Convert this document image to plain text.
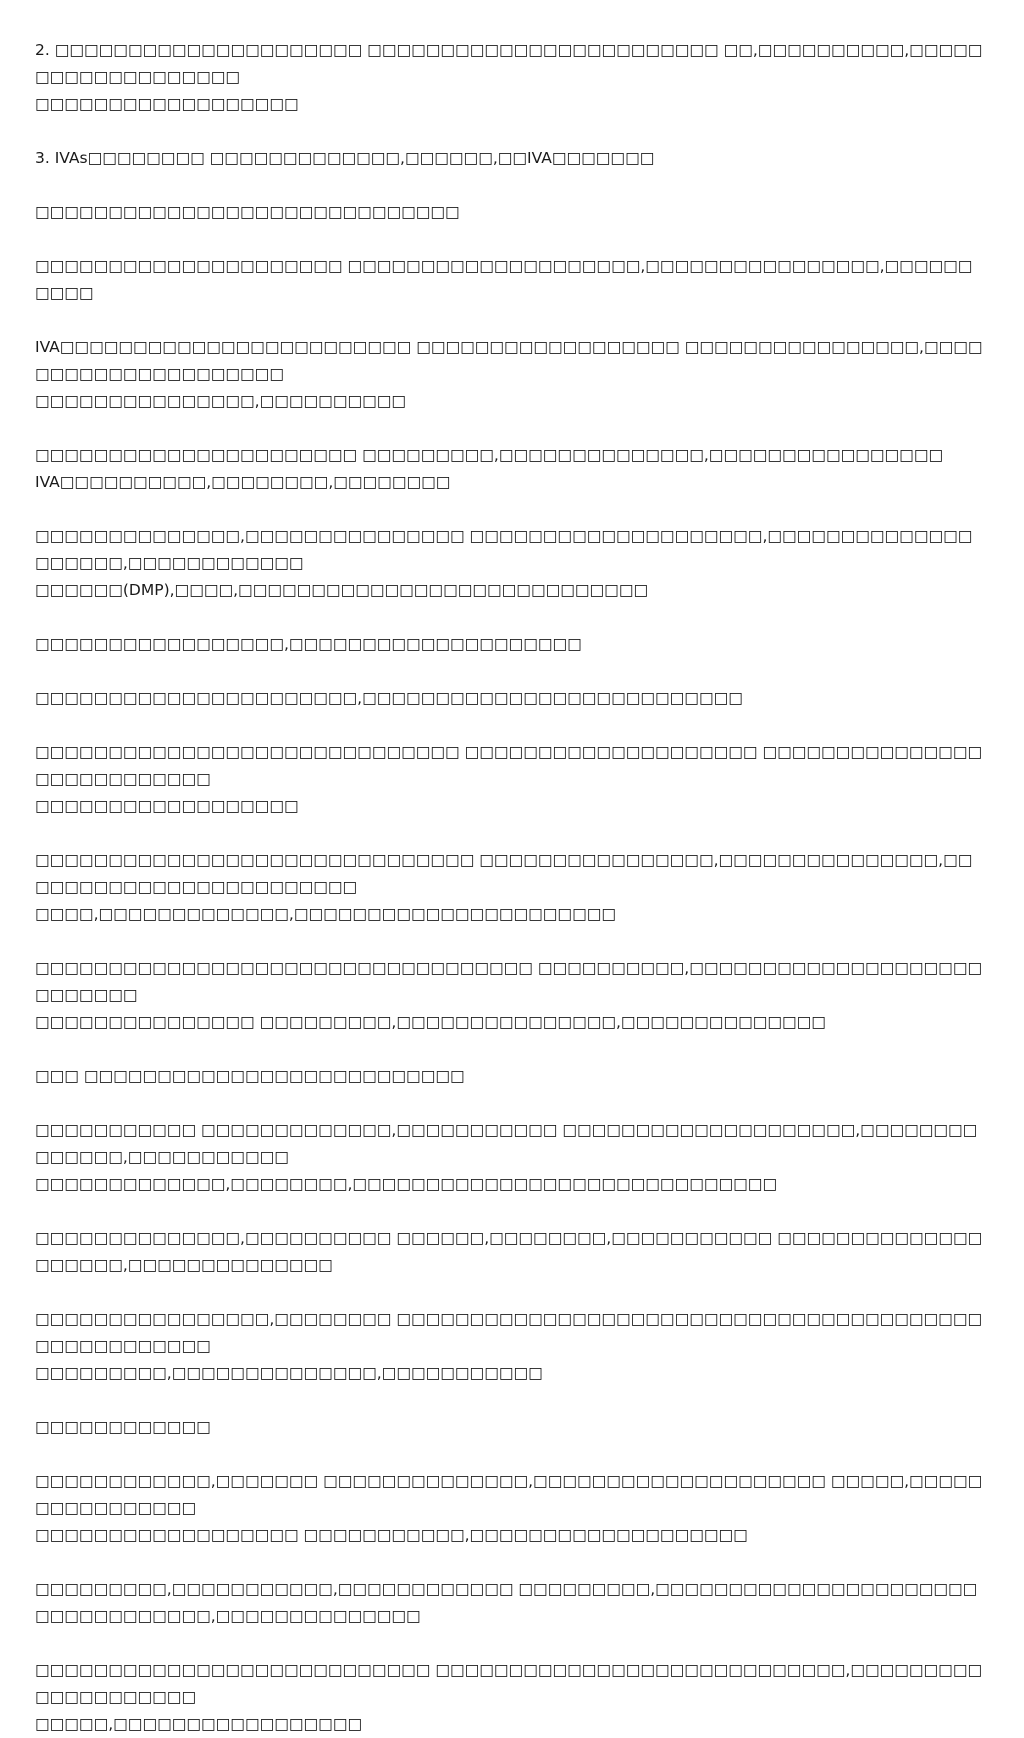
2. □□□□□□□□□□□□□□□□□□□□□ □□□□□□□□□□□□□□□□□□□□□□□□ □□,□□□□□□□□□□,□□□□□□□□□□□□□□□□□□□
□□□□□□□□□□□□□□□□□□

3. IVAs□□□□□□□□ □□□□□□□□□□□□□,□□□□□□,□□IVA□□□□□□□

□□□□□□□□□□□□□□□□□□□□□□□□□□□□□

□□□□□□□□□□□□□□□□□□□□□ □□□□□□□□□□□□□□□□□□□□,□□□□□□□□□□□□□□□□,□□□□□□□□□□

IVA□□□□□□□□□□□□□□□□□□□□□□□□ □□□□□□□□□□□□□□□□□□ □□□□□□□□□□□□□□□□,□□□□□□□□□□□□□□□□□□□□□
□□□□□□□□□□□□□□□,□□□□□□□□□□

□□□□□□□□□□□□□□□□□□□□□□ □□□□□□□□□,□□□□□□□□□□□□□□,□□□□□□□□□□□□□□□□
IVA□□□□□□□□□□,□□□□□□□□,□□□□□□□□

□□□□□□□□□□□□□□,□□□□□□□□□□□□□□□ □□□□□□□□□□□□□□□□□□□□,□□□□□□□□□□□□□□□□□□□□,□□□□□□□□□□□□
□□□□□□(DMP),□□□□,□□□□□□□□□□□□□□□□□□□□□□□□□□□□

□□□□□□□□□□□□□□□□□,□□□□□□□□□□□□□□□□□□□□

□□□□□□□□□□□□□□□□□□□□□□,□□□□□□□□□□□□□□□□□□□□□□□□□□

□□□□□□□□□□□□□□□□□□□□□□□□□□□□□ □□□□□□□□□□□□□□□□□□□□ □□□□□□□□□□□□□□□□□□□□□□□□□□□
□□□□□□□□□□□□□□□□□□

□□□□□□□□□□□□□□□□□□□□□□□□□□□□□□ □□□□□□□□□□□□□□□□,□□□□□□□□□□□□□□□,□□□□□□□□□□□□□□□□□□□□□□□□
□□□□,□□□□□□□□□□□□□,□□□□□□□□□□□□□□□□□□□□□□

□□□□□□□□□□□□□□□□□□□□□□□□□□□□□□□□□□ □□□□□□□□□□,□□□□□□□□□□□□□□□□□□□□□□□□□□□
□□□□□□□□□□□□□□□ □□□□□□□□□,□□□□□□□□□□□□□□□,□□□□□□□□□□□□□□

□□□ □□□□□□□□□□□□□□□□□□□□□□□□□□

□□□□□□□□□□□ □□□□□□□□□□□□□,□□□□□□□□□□□ □□□□□□□□□□□□□□□□□□□□,□□□□□□□□□□□□□□,□□□□□□□□□□□
□□□□□□□□□□□□□,□□□□□□□□,□□□□□□□□□□□□□□□□□□□□□□□□□□□□□

□□□□□□□□□□□□□□,□□□□□□□□□□ □□□□□□,□□□□□□□□,□□□□□□□□□□□ □□□□□□□□□□□□□□□□□□□□,□□□□□□□□□□□□□□

□□□□□□□□□□□□□□□□,□□□□□□□□ □□□□□□□□□□□□□□□□□□□□□□□□□□□□□□□□□□□□□□□□□□□□□□□□□□□□
□□□□□□□□□,□□□□□□□□□□□□□□,□□□□□□□□□□□

□□□□□□□□□□□□

□□□□□□□□□□□□,□□□□□□□ □□□□□□□□□□□□□□,□□□□□□□□□□□□□□□□□□□□ □□□□□,□□□□□□□□□□□□□□□□
□□□□□□□□□□□□□□□□□□ □□□□□□□□□□□,□□□□□□□□□□□□□□□□□□□

□□□□□□□□□,□□□□□□□□□□□,□□□□□□□□□□□□ □□□□□□□□□,□□□□□□□□□□□□□□□□□□□□□□
□□□□□□□□□□□□,□□□□□□□□□□□□□□

□□□□□□□□□□□□□□□□□□□□□□□□□□□ □□□□□□□□□□□□□□□□□□□□□□□□□□□□,□□□□□□□□□□□□□□□□□□□□
□□□□□,□□□□□□□□□□□□□□□□□
